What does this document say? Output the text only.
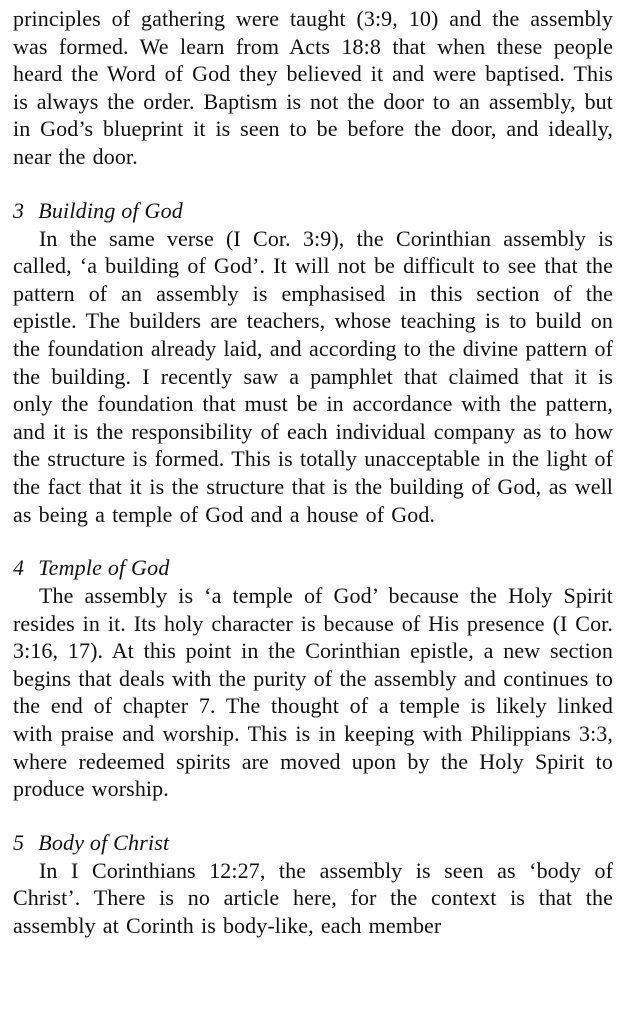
principles of gathering were taught (3:9, 10) and the assembly was formed. We learn from Acts 18:8 that when these people heard the Word of God they believed it and were baptised. This is always the order. Baptism is not the door to an assembly, but in God’s blueprint it is seen to be before the door, and ideally, near the door.

3 Building of God

In the same verse (I Cor. 3:9), the Corinthian assembly is called, ‘a building of God’. It will not be difficult to see that the pattern of an assembly is emphasised in this section of the epistle. The builders are teachers, whose teaching is to build on the foundation already laid, and according to the divine pattern of the building. I recently saw a pamphlet that claimed that it is only the foundation that must be in accordance with the pattern, and it is the responsibility of each individual company as to how the structure is formed. This is totally unacceptable in the light of the fact that it is the structure that is the building of God, as well as being a temple of God and a house of God.

4 Temple of God

The assembly is ‘a temple of God’ because the Holy Spirit resides in it. Its holy character is because of His presence (I Cor. 3:16, 17). At this point in the Corinthian epistle, a new section begins that deals with the purity of the assembly and continues to the end of chapter 7. The thought of a temple is likely linked with praise and worship. This is in keeping with Philippians 3:3, where redeemed spirits are moved upon by the Holy Spirit to produce worship.

5 Body of Christ

In I Corinthians 12:27, the assembly is seen as ‘body of Christ’. There is no article here, for the context is that the assembly at Corinth is body-like, each member
